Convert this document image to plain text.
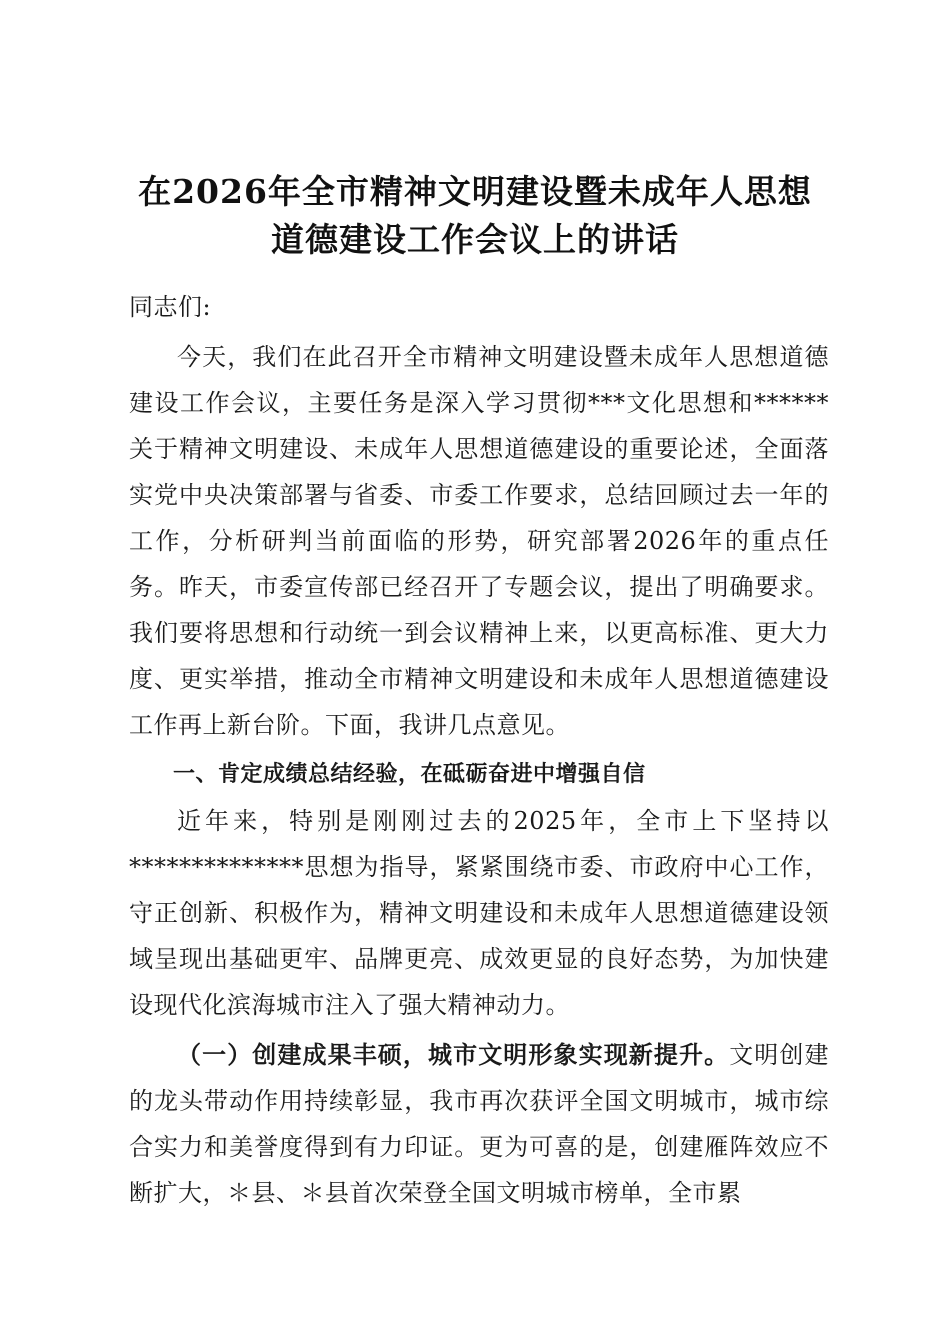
在2026年全市精神文明建设暨未成年人思想
道德建设工作会议上的讲话

同志们:

今天，我们在此召开全市精神文明建设暨未成年人思想道德建设工作会议，主要任务是深入学习贯彻***文化思想和******关于精神文明建设、未成年人思想道德建设的重要论述，全面落实党中央决策部署与省委、市委工作要求，总结回顾过去一年的工作，分析研判当前面临的形势，研究部署2026年的重点任务。昨天，市委宣传部已经召开了专题会议，提出了明确要求。我们要将思想和行动统一到会议精神上来，以更高标准、更大力度、更实举措，推动全市精神文明建设和未成年人思想道德建设工作再上新台阶。下面，我讲几点意见。

一、肯定成绩总结经验，在砥砺奋进中增强自信

近年来，特别是刚刚过去的2025年，全市上下坚持以**************思想为指导，紧紧围绕市委、市政府中心工作，守正创新、积极作为，精神文明建设和未成年人思想道德建设领域呈现出基础更牢、品牌更亮、成效更显的良好态势，为加快建设现代化滨海城市注入了强大精神动力。

（一）创建成果丰硕，城市文明形象实现新提升。文明创建的龙头带动作用持续彰显，我市再次获评全国文明城市，城市综合实力和美誉度得到有力印证。更为可喜的是，创建雁阵效应不断扩大，＊县、＊县首次荣登全国文明城市榜单，全市累
